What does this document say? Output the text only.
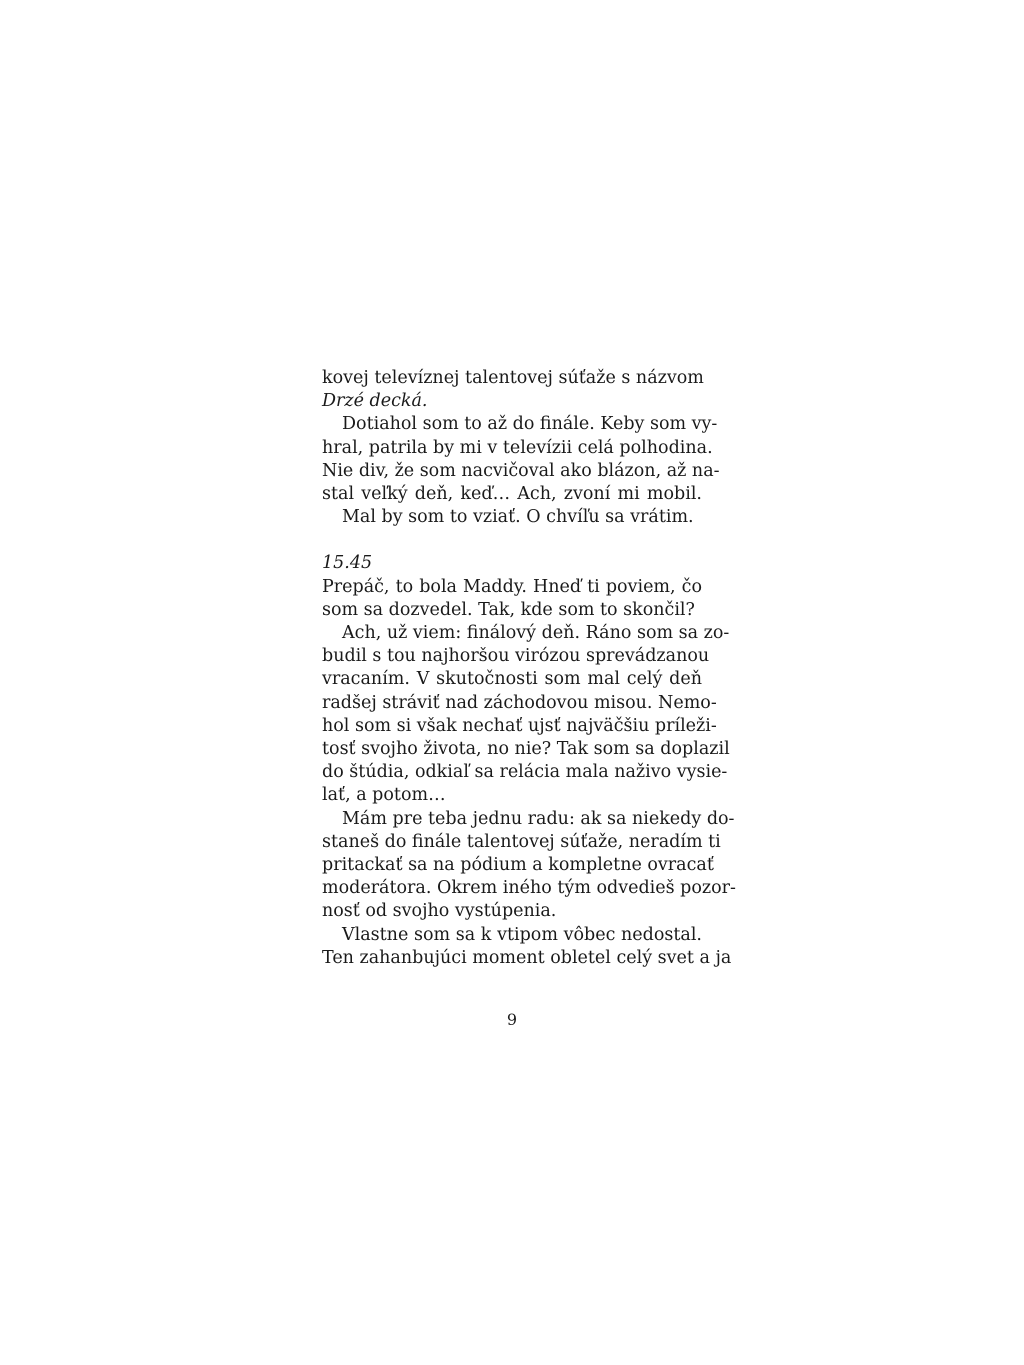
kovej televíznej talentovej súťaže s názvom
Drzé decká.
Dotiahol som to až do finále. Keby som vy-
hral, patrila by mi v televízii celá polhodina.
Nie div, že som nacvičoval ako blázon, až na-
stal veľký deň, keď… Ach, zvoní mi mobil.
Mal by som to vziať. O chvíľu sa vrátim.
15.45
Prepáč, to bola Maddy. Hneď ti poviem, čo
som sa dozvedel. Tak, kde som to skončil?
Ach, už viem: finálový deň. Ráno som sa zo-
budil s tou najhoršou virózou sprevádzanou
vracaním. V skutočnosti som mal celý deň
radšej stráviť nad záchodovou misou. Nemo-
hol som si však nechať ujsť najväčšiu príleži-
tosť svojho života, no nie? Tak som sa doplazil
do štúdia, odkiaľ sa relácia mala naživo vysie-
lať, a potom…
Mám pre teba jednu radu: ak sa niekedy do-
staneš do finále talentovej súťaže, neradím ti
pritackať sa na pódium a kompletne ovracať
moderátora. Okrem iného tým odvedieš pozor-
nosť od svojho vystúpenia.
Vlastne som sa k vtipom vôbec nedostal.
Ten zahanbujúci moment obletel celý svet a ja
9
